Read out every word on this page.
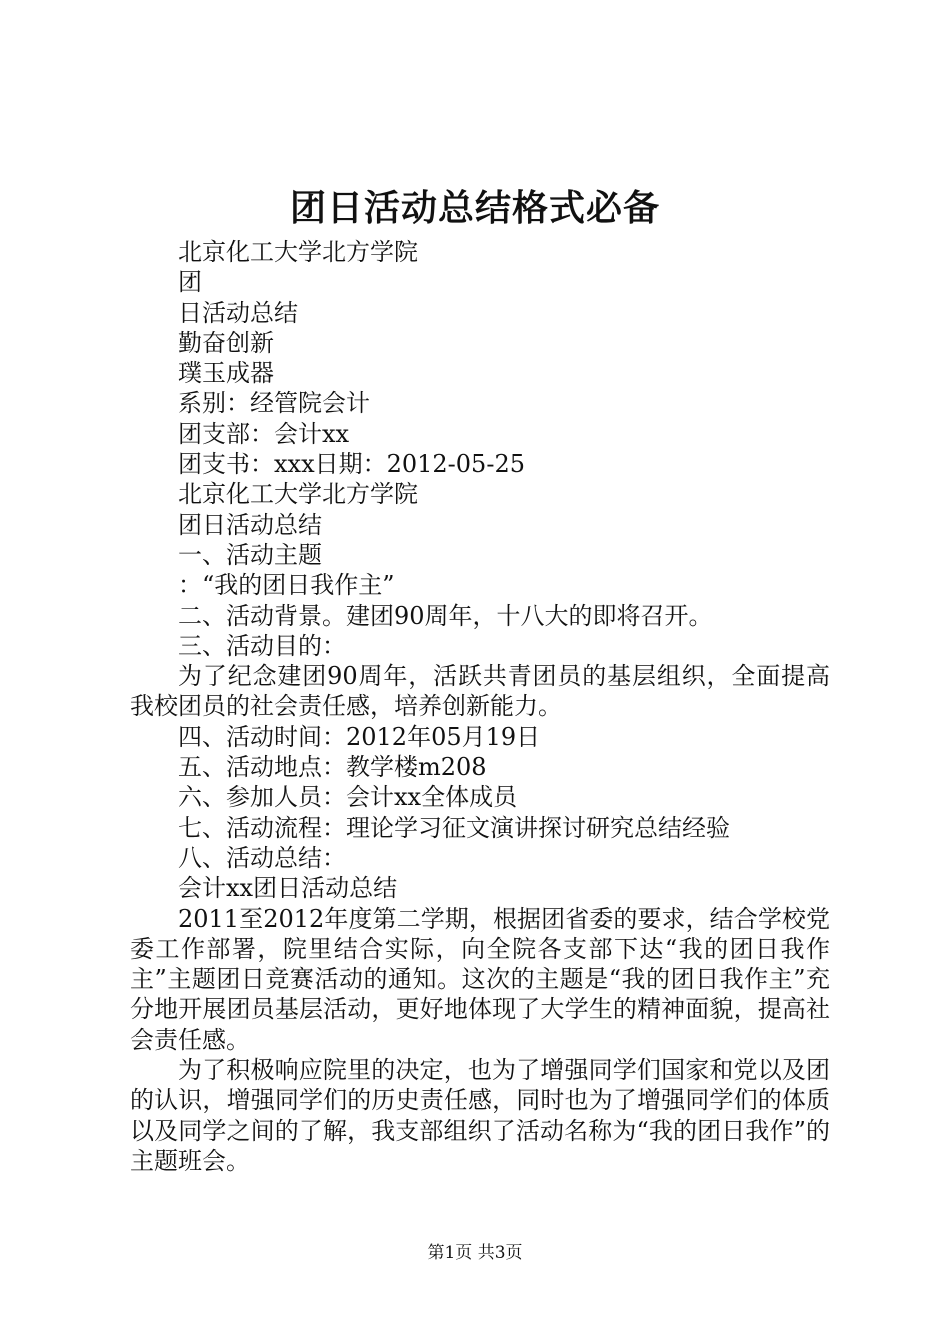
团日活动总结格式必备

北京化工大学北方学院

团

日活动总结

勤奋创新

璞玉成器

系别：经管院会计

团支部：会计xx

团支书：xxx日期：2012-05-25

北京化工大学北方学院

团日活动总结

一、活动主题

：“我的团日我作主”

二、活动背景。建团90周年，十八大的即将召开。

三、活动目的：

为了纪念建团90周年，活跃共青团员的基层组织，全面提高我校团员的社会责任感，培养创新能力。

四、活动时间：2012年05月19日

五、活动地点：教学楼m208

六、参加人员：会计xx全体成员

七、活动流程：理论学习征文演讲探讨研究总结经验

八、活动总结：

会计xx团日活动总结

2011至2012年度第二学期，根据团省委的要求，结合学校党委工作部署，院里结合实际，向全院各支部下达“我的团日我作主”主题团日竞赛活动的通知。这次的主题是“我的团日我作主”充分地开展团员基层活动，更好地体现了大学生的精神面貌，提高社会责任感。

为了积极响应院里的决定，也为了增强同学们国家和党以及团的认识，增强同学们的历史责任感，同时也为了增强同学们的体质以及同学之间的了解，我支部组织了活动名称为“我的团日我作”的主题班会。

第1页 共3页
